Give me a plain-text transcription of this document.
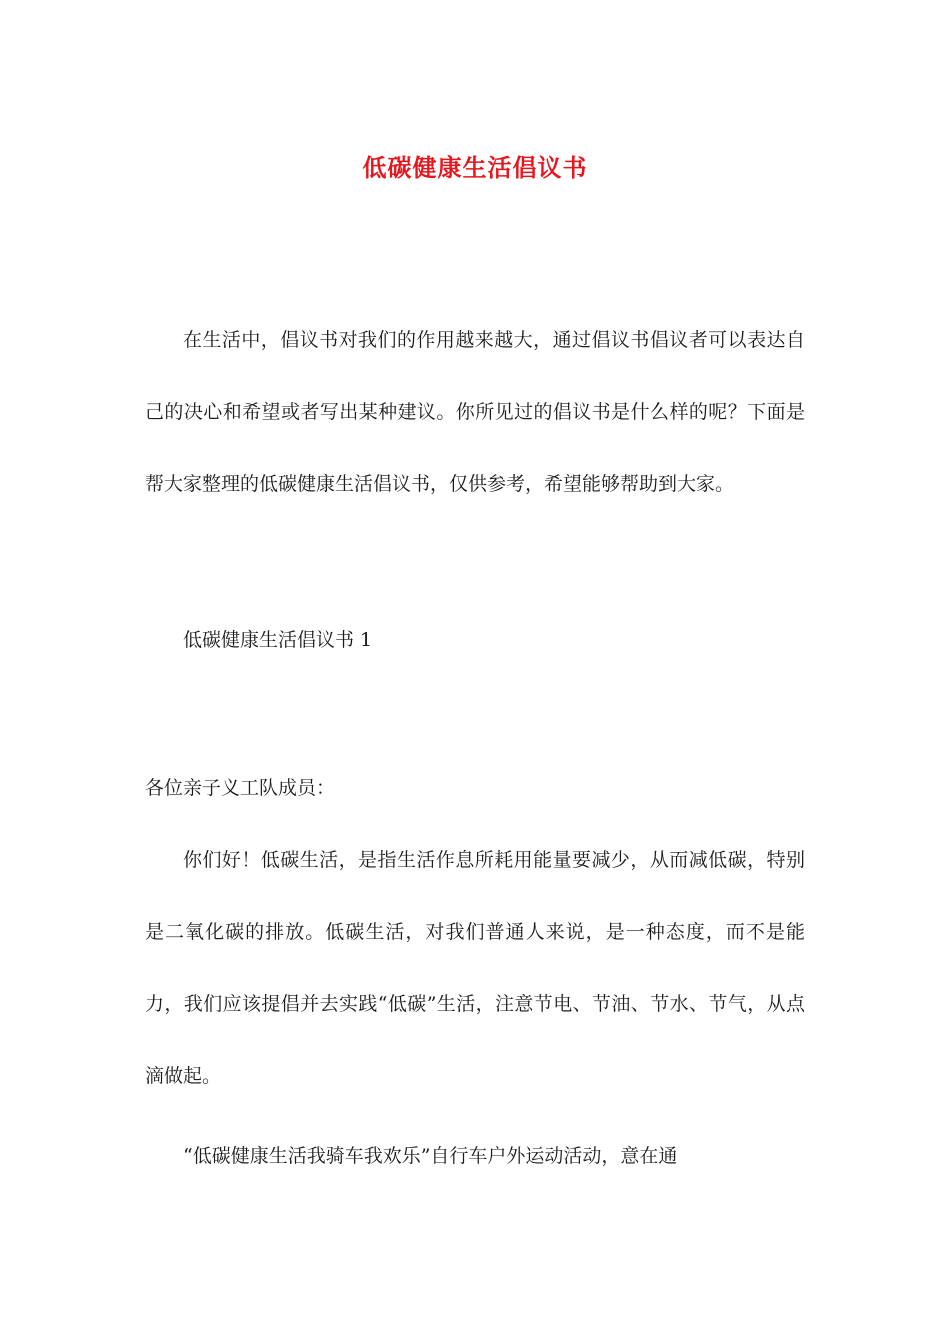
低碳健康生活倡议书

在生活中，倡议书对我们的作用越来越大，通过倡议书倡议者可以表达自己的决心和希望或者写出某种建议。你所见过的倡议书是什么样的呢？下面是帮大家整理的低碳健康生活倡议书，仅供参考，希望能够帮助到大家。

低碳健康生活倡议书 1

各位亲子义工队成员：

你们好！低碳生活，是指生活作息所耗用能量要减少，从而减低碳，特别是二氧化碳的排放。低碳生活，对我们普通人来说，是一种态度，而不是能力，我们应该提倡并去实践“低碳”生活，注意节电、节油、节水、节气，从点滴做起。

“低碳健康生活我骑车我欢乐”自行车户外运动活动，意在通
